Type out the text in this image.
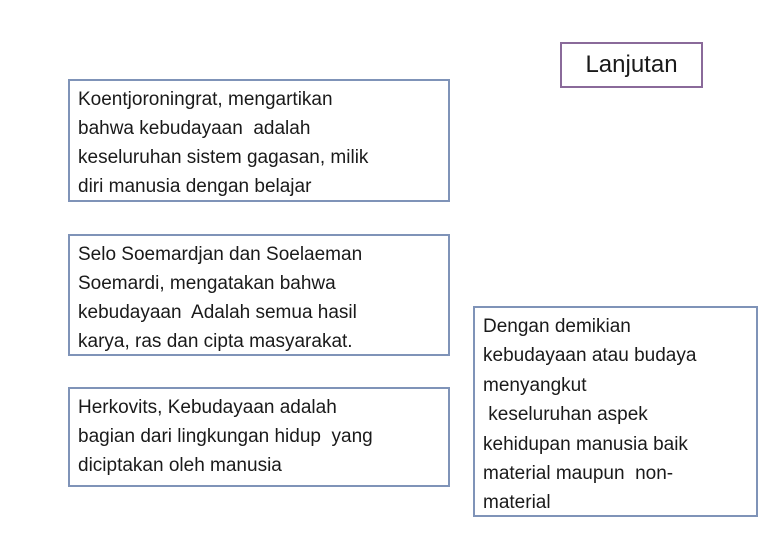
Lanjutan

Koentjoroningrat, mengartikan
bahwa kebudayaan  adalah
keseluruhan sistem gagasan, milik
diri manusia dengan belajar

Selo Soemardjan dan Soelaeman
Soemardi, mengatakan bahwa
kebudayaan  Adalah semua hasil
karya, ras dan cipta masyarakat.

Herkovits, Kebudayaan adalah
bagian dari lingkungan hidup  yang
diciptakan oleh manusia

Dengan demikian
kebudayaan atau budaya
menyangkut
keseluruhan aspek
kehidupan manusia baik
material maupun  non-
material
